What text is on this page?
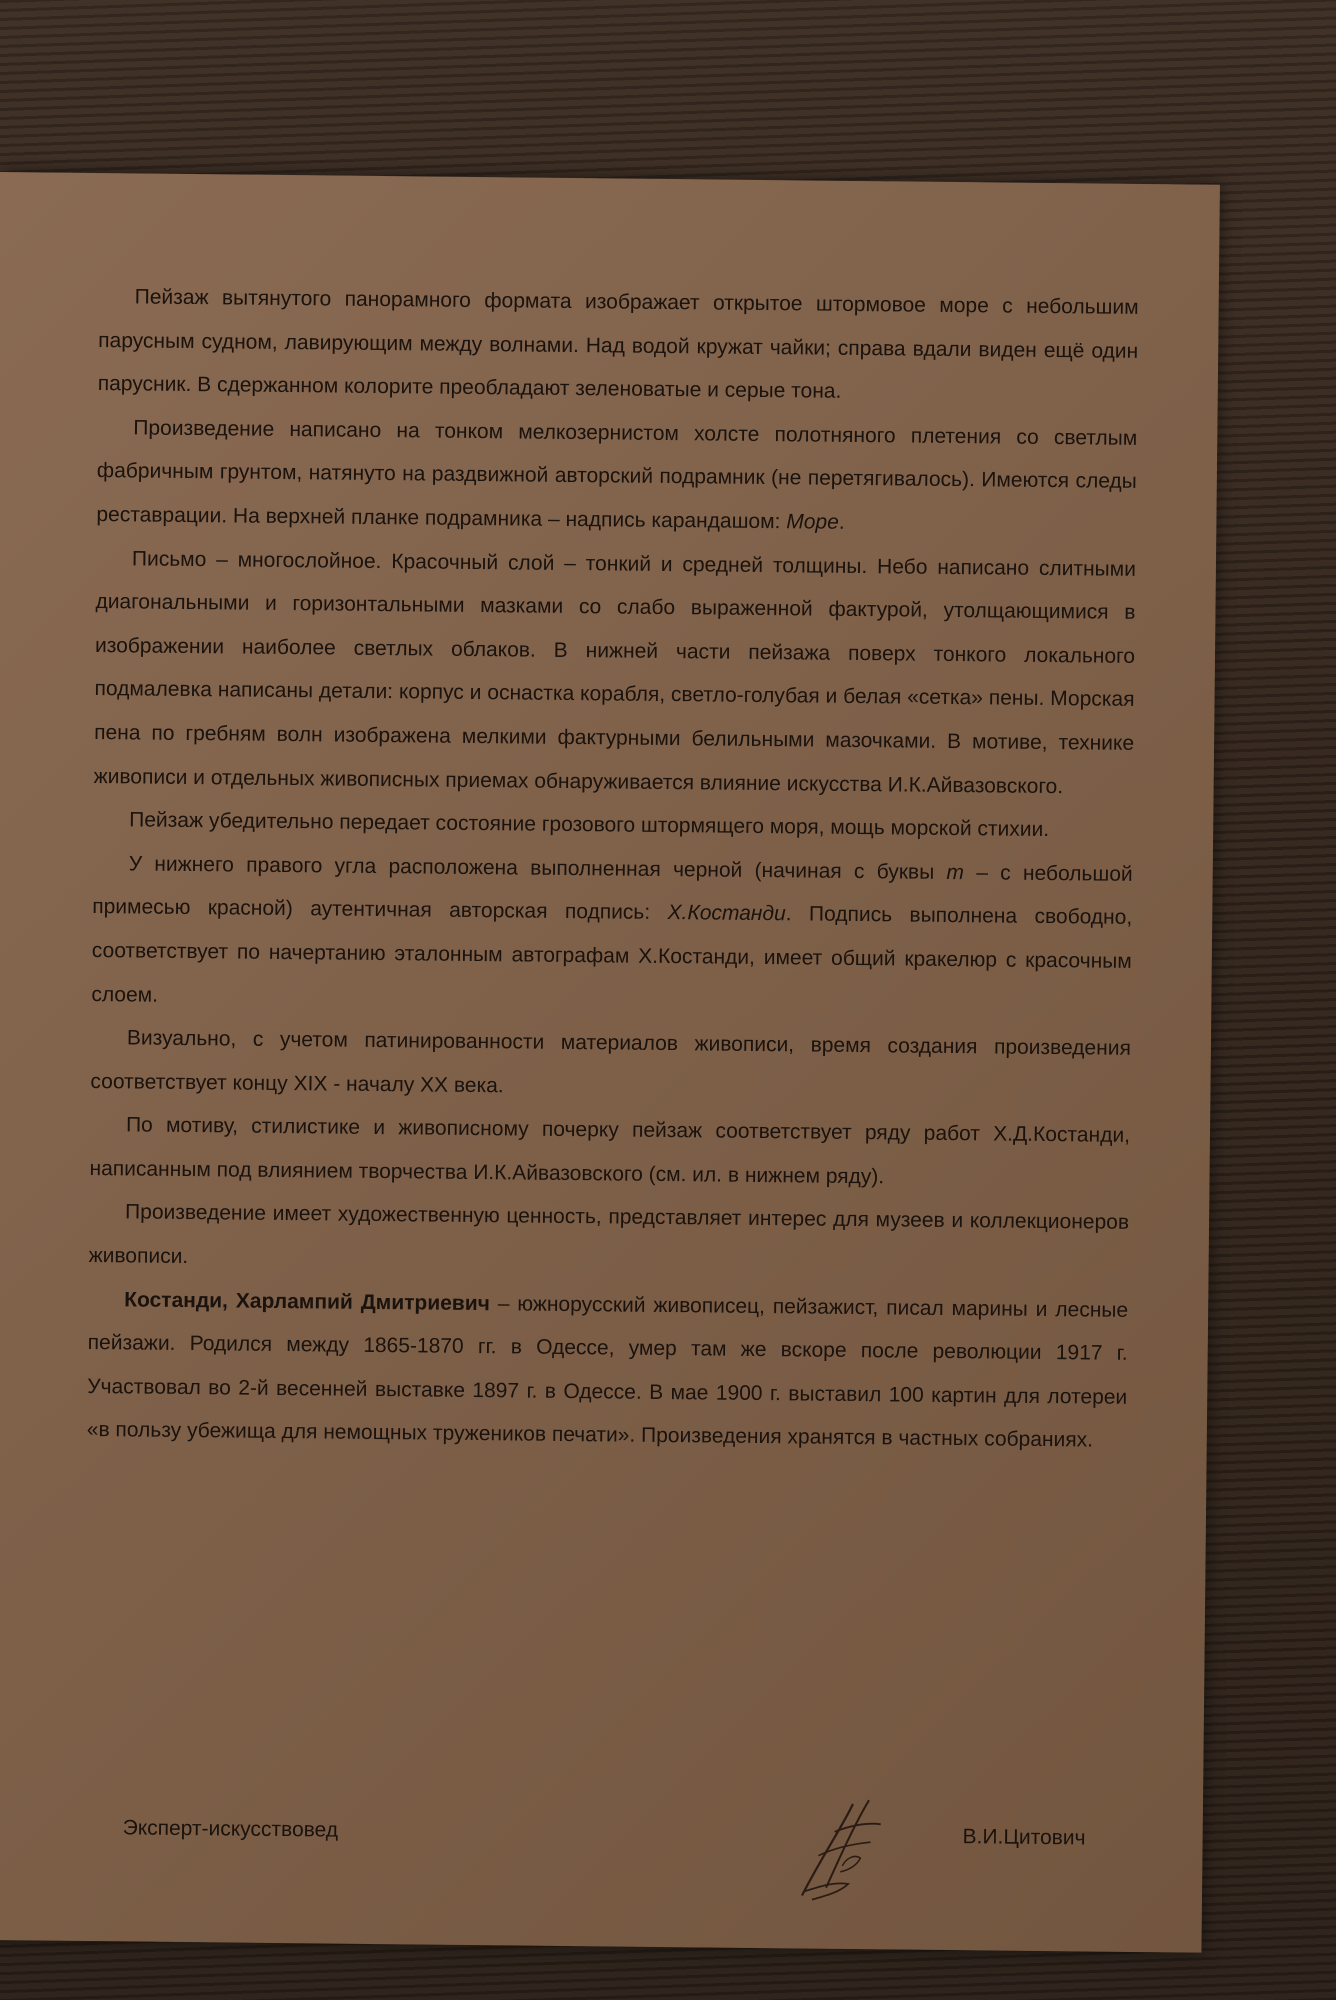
Пейзаж вытянутого панорамного формата изображает открытое штормовое море с небольшим парусным судном, лавирующим между волнами. Над водой кружат чайки; справа вдали виден ещё один парусник. В сдержанном колорите преобладают зеленоватые и серые тона.

Произведение написано на тонком мелкозернистом холсте полотняного плетения со светлым фабричным грунтом, натянуто на раздвижной авторский подрамник (не перетягивалось). Имеются следы реставрации. На верхней планке подрамника – надпись карандашом: Море.

Письмо – многослойное. Красочный слой – тонкий и средней толщины. Небо написано слитными диагональными и горизонтальными мазками со слабо выраженной фактурой, утолщающимися в изображении наиболее светлых облаков. В нижней части пейзажа поверх тонкого локального подмалевка написаны детали: корпус и оснастка корабля, светло-голубая и белая «сетка» пены. Морская пена по гребням волн изображена мелкими фактурными белильными мазочками. В мотиве, технике живописи и отдельных живописных приемах обнаруживается влияние искусства И.К.Айвазовского.

Пейзаж убедительно передает состояние грозового штормящего моря, мощь морской стихии.

У нижнего правого угла расположена выполненная черной (начиная с буквы т – с небольшой примесью красной) аутентичная авторская подпись: Х.Костанди. Подпись выполнена свободно, соответствует по начертанию эталонным автографам Х.Костанди, имеет общий кракелюр с красочным слоем.

Визуально, с учетом патинированности материалов живописи, время создания произведения соответствует концу XIX - началу XX века.

По мотиву, стилистике и живописному почерку пейзаж соответствует ряду работ Х.Д.Костанди, написанным под влиянием творчества И.К.Айвазовского (см. ил. в нижнем ряду).

Произведение имеет художественную ценность, представляет интерес для музеев и коллекционеров живописи.

Костанди, Харлампий Дмитриевич – южнорусский живописец, пейзажист, писал марины и лесные пейзажи. Родился между 1865-1870 гг. в Одессе, умер там же вскоре после революции 1917 г. Участвовал во 2-й весенней выставке 1897 г. в Одессе. В мае 1900 г. выставил 100 картин для лотереи «в пользу убежища для немощных тружеников печати». Произведения хранятся в частных собраниях.

Эксперт-искусствовед	В.И.Цитович
